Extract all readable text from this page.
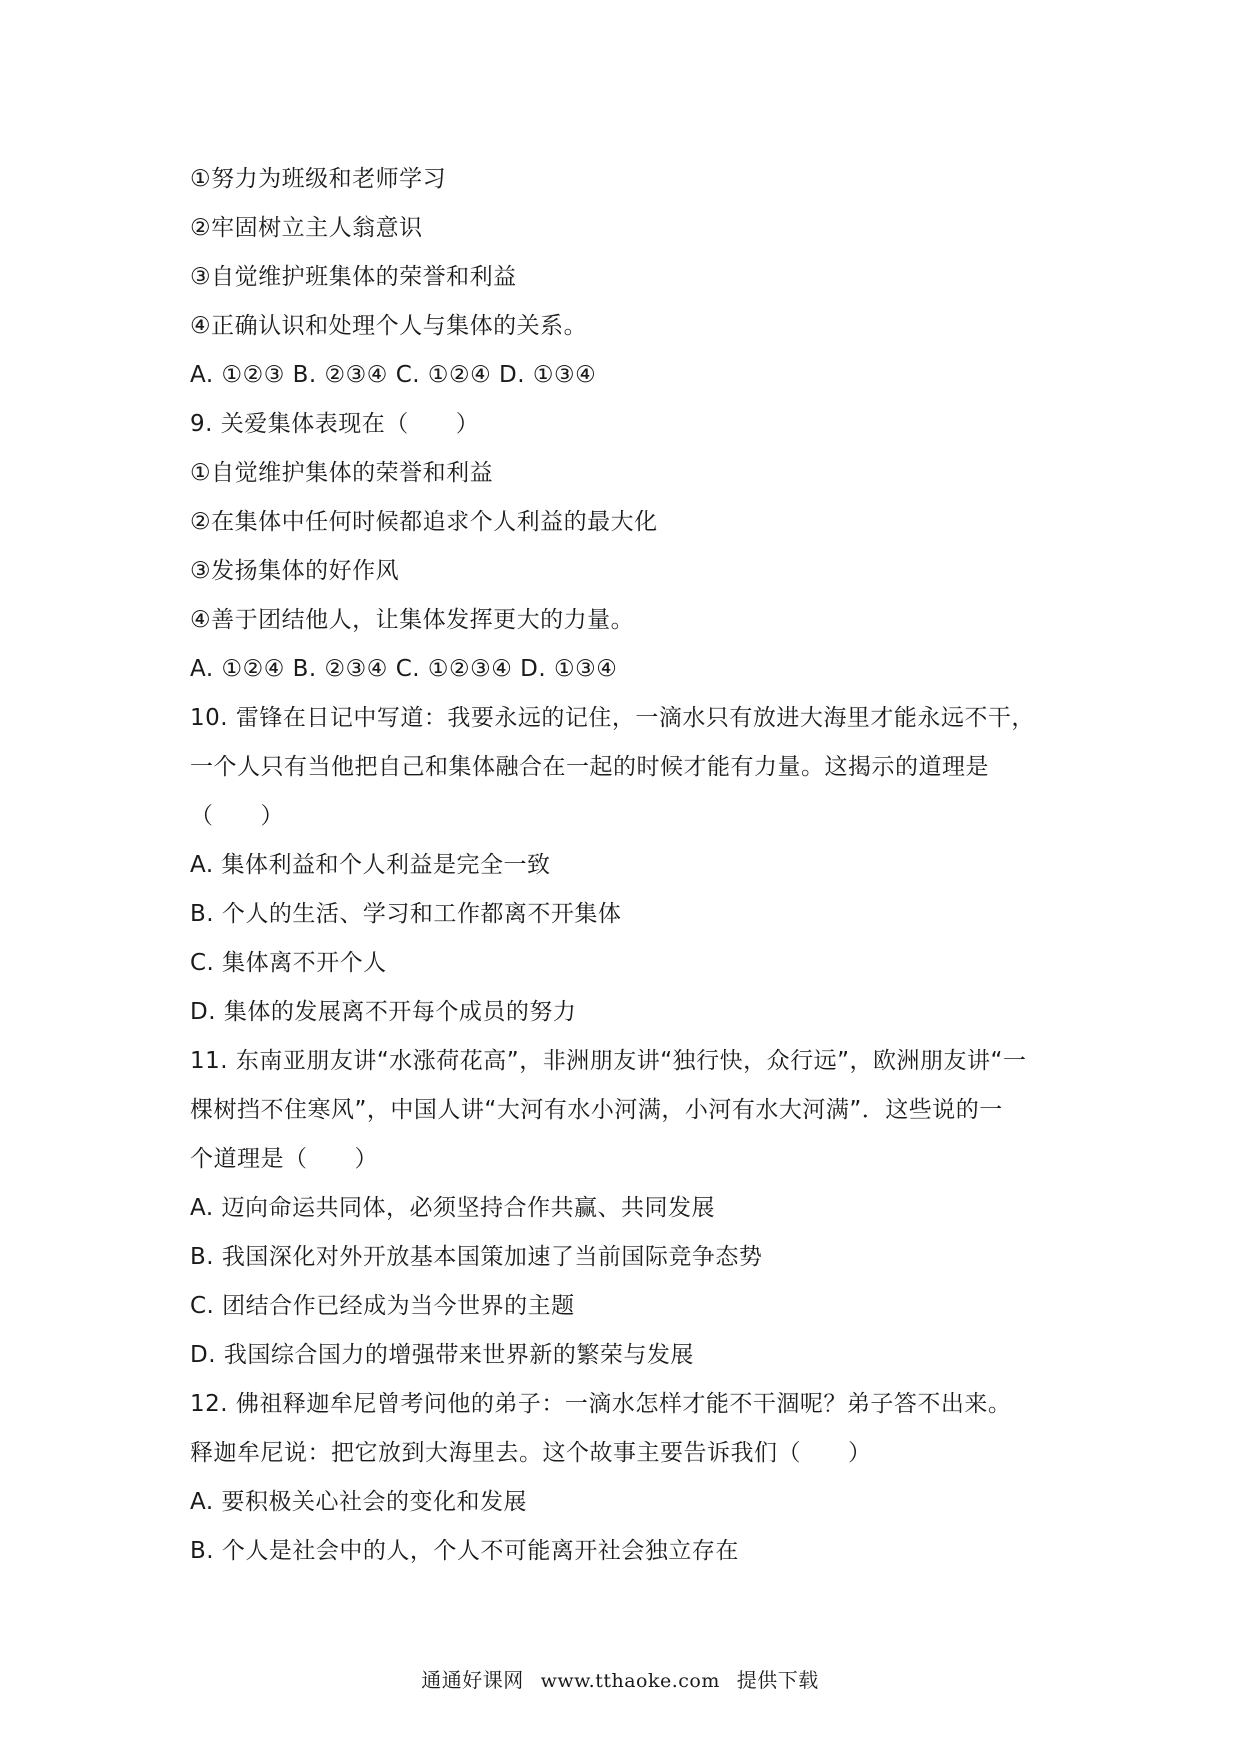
①努力为班级和老师学习
②牢固树立主人翁意识
③自觉维护班集体的荣誉和利益
④正确认识和处理个人与集体的关系。
A. ①②③ B. ②③④ C. ①②④ D. ①③④
9. 关爱集体表现在（　　）
①自觉维护集体的荣誉和利益
②在集体中任何时候都追求个人利益的最大化
③发扬集体的好作风
④善于团结他人，让集体发挥更大的力量。
A. ①②④ B. ②③④ C. ①②③④ D. ①③④
10. 雷锋在日记中写道：我要永远的记住，一滴水只有放进大海里才能永远不干，
一个人只有当他把自己和集体融合在一起的时候才能有力量。这揭示的道理是
（　　）
A. 集体利益和个人利益是完全一致
B. 个人的生活、学习和工作都离不开集体
C. 集体离不开个人
D. 集体的发展离不开每个成员的努力
11. 东南亚朋友讲“水涨荷花高”，非洲朋友讲“独行快，众行远”，欧洲朋友讲“一
棵树挡不住寒风”，中国人讲“大河有水小河满，小河有水大河满”．这些说的一
个道理是（　　）
A. 迈向命运共同体，必须坚持合作共赢、共同发展
B. 我国深化对外开放基本国策加速了当前国际竞争态势
C. 团结合作已经成为当今世界的主题
D. 我国综合国力的增强带来世界新的繁荣与发展
12. 佛祖释迦牟尼曾考问他的弟子：一滴水怎样才能不干涸呢？弟子答不出来。
释迦牟尼说：把它放到大海里去。这个故事主要告诉我们（　　）
A. 要积极关心社会的变化和发展
B. 个人是社会中的人，个人不可能离开社会独立存在
通通好课网 www.tthaoke.com 提供下载
